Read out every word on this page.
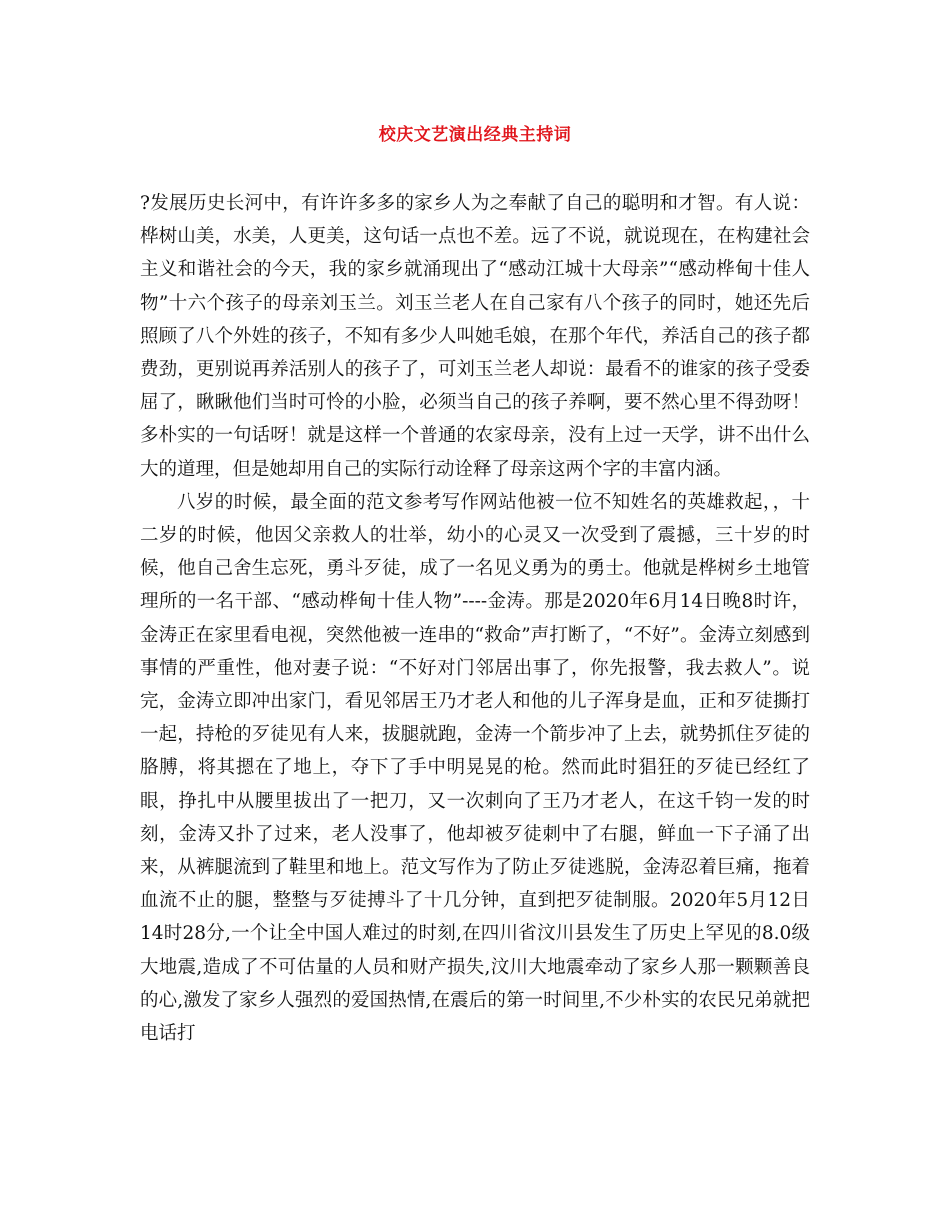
校庆文艺演出经典主持词

?发展历史长河中，有许许多多的家乡人为之奉献了自己的聪明和才智。有人说：桦树山美，水美，人更美，这句话一点也不差。远了不说，就说现在，在构建社会主义和谐社会的今天，我的家乡就涌现出了“感动江城十大母亲”“感动桦甸十佳人物”十六个孩子的母亲刘玉兰。刘玉兰老人在自己家有八个孩子的同时，她还先后照顾了八个外姓的孩子，不知有多少人叫她毛娘，在那个年代，养活自己的孩子都费劲，更别说再养活别人的孩子了，可刘玉兰老人却说：最看不的谁家的孩子受委屈了，瞅瞅他们当时可怜的小脸，必须当自己的孩子养啊，要不然心里不得劲呀！多朴实的一句话呀！就是这样一个普通的农家母亲，没有上过一天学，讲不出什么大的道理，但是她却用自己的实际行动诠释了母亲这两个字的丰富内涵。

八岁的时候，最全面的范文参考写作网站他被一位不知姓名的英雄救起，，十二岁的时候，他因父亲救人的壮举，幼小的心灵又一次受到了震撼，三十岁的时候，他自己舍生忘死，勇斗歹徒，成了一名见义勇为的勇士。他就是桦树乡土地管理所的一名干部、“感动桦甸十佳人物”----金涛。那是2020年6月14日晚8时许，金涛正在家里看电视，突然他被一连串的“救命”声打断了，“不好”。金涛立刻感到事情的严重性，他对妻子说：“不好对门邻居出事了，你先报警，我去救人”。说完，金涛立即冲出家门，看见邻居王乃才老人和他的儿子浑身是血，正和歹徒撕打一起，持枪的歹徒见有人来，拔腿就跑，金涛一个箭步冲了上去，就势抓住歹徒的胳膊，将其摁在了地上，夺下了手中明晃晃的枪。然而此时猖狂的歹徒已经红了眼，挣扎中从腰里拔出了一把刀，又一次刺向了王乃才老人，在这千钧一发的时刻，金涛又扑了过来，老人没事了，他却被歹徒刺中了右腿，鲜血一下子涌了出来，从裤腿流到了鞋里和地上。范文写作为了防止歹徒逃脱，金涛忍着巨痛，拖着血流不止的腿，整整与歹徒搏斗了十几分钟，直到把歹徒制服。2020年5月12日14时28分,一个让全中国人难过的时刻,在四川省汶川县发生了历史上罕见的8.0级大地震,造成了不可估量的人员和财产损失,汶川大地震牵动了家乡人那一颗颗善良的心,激发了家乡人强烈的爱国热情,在震后的第一时间里,不少朴实的农民兄弟就把电话打
